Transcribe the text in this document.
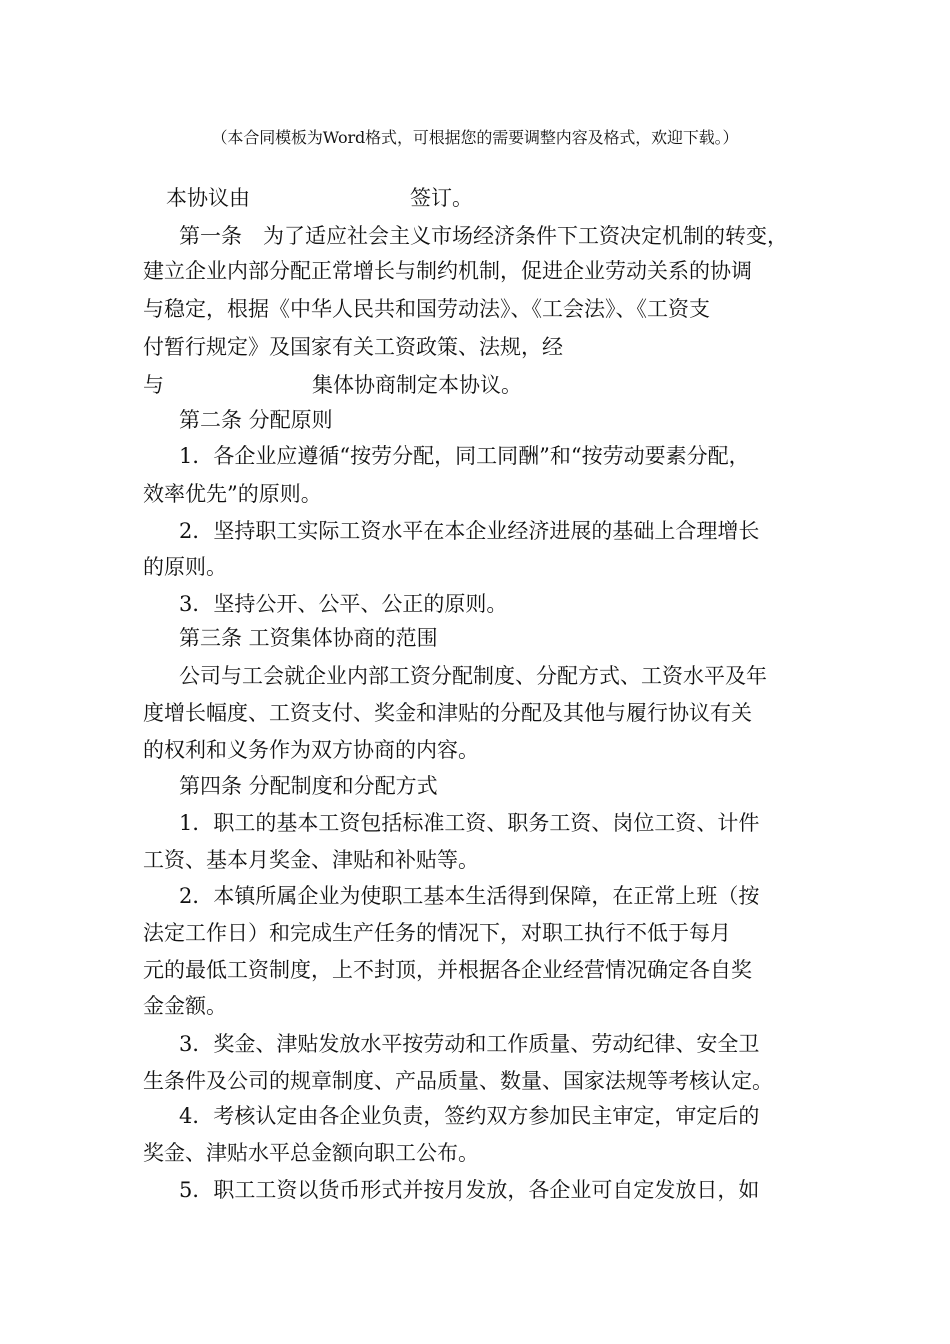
（本合同模板为Word格式，可根据您的需要调整内容及格式，欢迎下载。）
本协议由	签订。
第一条　为了适应社会主义市场经济条件下工资决定机制的转变，
建立企业内部分配正常增长与制约机制，促进企业劳动关系的协调
与稳定，根据《中华人民共和国劳动法》、《工会法》、《工资支
付暂行规定》及国家有关工资政策、法规，经
与	集体协商制定本协议。
第二条 分配原则
1．各企业应遵循“按劳分配，同工同酬”和“按劳动要素分配，
效率优先”的原则。
2．坚持职工实际工资水平在本企业经济进展的基础上合理增长
的原则。
3．坚持公开、公平、公正的原则。
第三条 工资集体协商的范围
公司与工会就企业内部工资分配制度、分配方式、工资水平及年
度增长幅度、工资支付、奖金和津贴的分配及其他与履行协议有关
的权利和义务作为双方协商的内容。
第四条 分配制度和分配方式
1．职工的基本工资包括标准工资、职务工资、岗位工资、计件
工资、基本月奖金、津贴和补贴等。
2．本镇所属企业为使职工基本生活得到保障，在正常上班（按
法定工作日）和完成生产任务的情况下，对职工执行不低于每月
元的最低工资制度，上不封顶，并根据各企业经营情况确定各自奖
金金额。
3．奖金、津贴发放水平按劳动和工作质量、劳动纪律、安全卫
生条件及公司的规章制度、产品质量、数量、国家法规等考核认定。
4．考核认定由各企业负责，签约双方参加民主审定，审定后的
奖金、津贴水平总金额向职工公布。
5．职工工资以货币形式并按月发放，各企业可自定发放日，如
